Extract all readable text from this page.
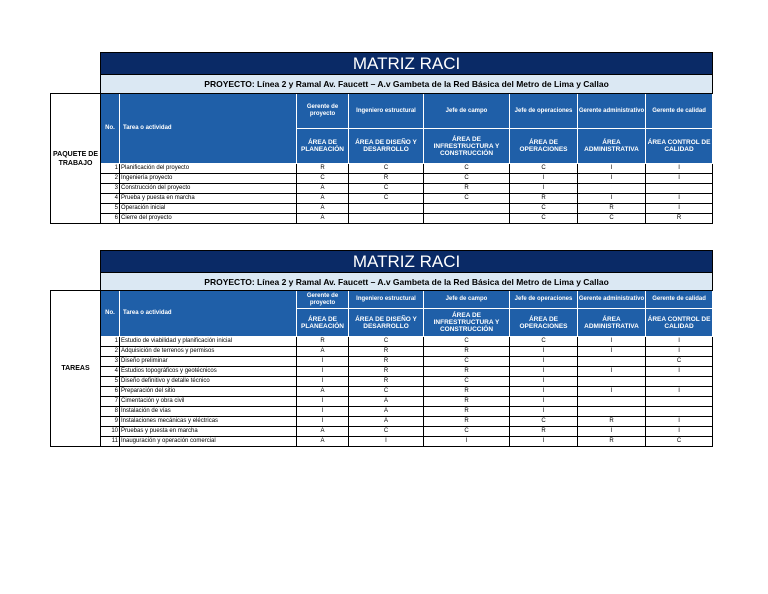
	MATRIZ RACI							
	PROYECTO: Línea 2 y Ramal Av. Faucett – A.v Gambeta de la Red Básica del Metro de Lima y Callao							
PAQUETE DE TRABAJO	No.	Tarea o actividad	Gerente de proyecto	Ingeniero estructural	Jefe de campo	Jefe de operaciones	Gerente administrativo	Gerente de calidad
			ÁREA DE PLANEACIÓN	ÁREA DE DISEÑO Y DESARROLLO	ÁREA DE INFRESTRUCTURA Y CONSTRUCCIÓN	ÁREA DE OPERACIONES	ÁREA ADMINISTRATIVA	ÁREA CONTROL DE CALIDAD
	1	Planificación del proyecto	R	C	C	C	I	I
	2	Ingeniería proyecto	C	R	C	I	I	I
	3	Construcción del proyecto	A	C	R	I		
	4	Prueba y puesta en marcha	A	C	C	R	I	I
	5	Operación inicial	A			C	R	I
	6	Cierre del proyecto	A			C	C	R
	MATRIZ RACI							
	PROYECTO: Línea 2 y Ramal Av. Faucett – A.v Gambeta de la Red Básica del Metro de Lima y Callao							
TAREAS	No.	Tarea o actividad	Gerente de proyecto	Ingeniero estructural	Jefe de campo	Jefe de operaciones	Gerente administrativo	Gerente de calidad
			ÁREA DE PLANEACIÓN	ÁREA DE DISEÑO Y DESARROLLO	ÁREA DE INFRESTRUCTURA Y CONSTRUCCIÓN	ÁREA DE OPERACIONES	ÁREA ADMINISTRATIVA	ÁREA CONTROL DE CALIDAD
	1	Estudio de viabilidad y planificación inicial	R	C	C	C	I	I
	2	Adquisición de terrenos y permisos	A	R	R	I	I	I
	3	Diseño preliminar	I	R	C	I		C
	4	Estudios topográficos y geotécnicos	I	R	R	I	I	I
	5	Diseño definitivo y detalle técnico	I	R	C	I		
	6	Preparación del sitio	A	C	R	I	I	I
	7	Cimentación y obra civil	I	A	R	I		
	8	Instalación de vías	I	A	R	I		
	9	Instalaciones mecánicas y eléctricas	I	A	R	C	R	I
	10	Pruebas y puesta en marcha	A	C	C	R	I	I
	11	Inauguración y operación comercial	A	I	I	I	R	C
